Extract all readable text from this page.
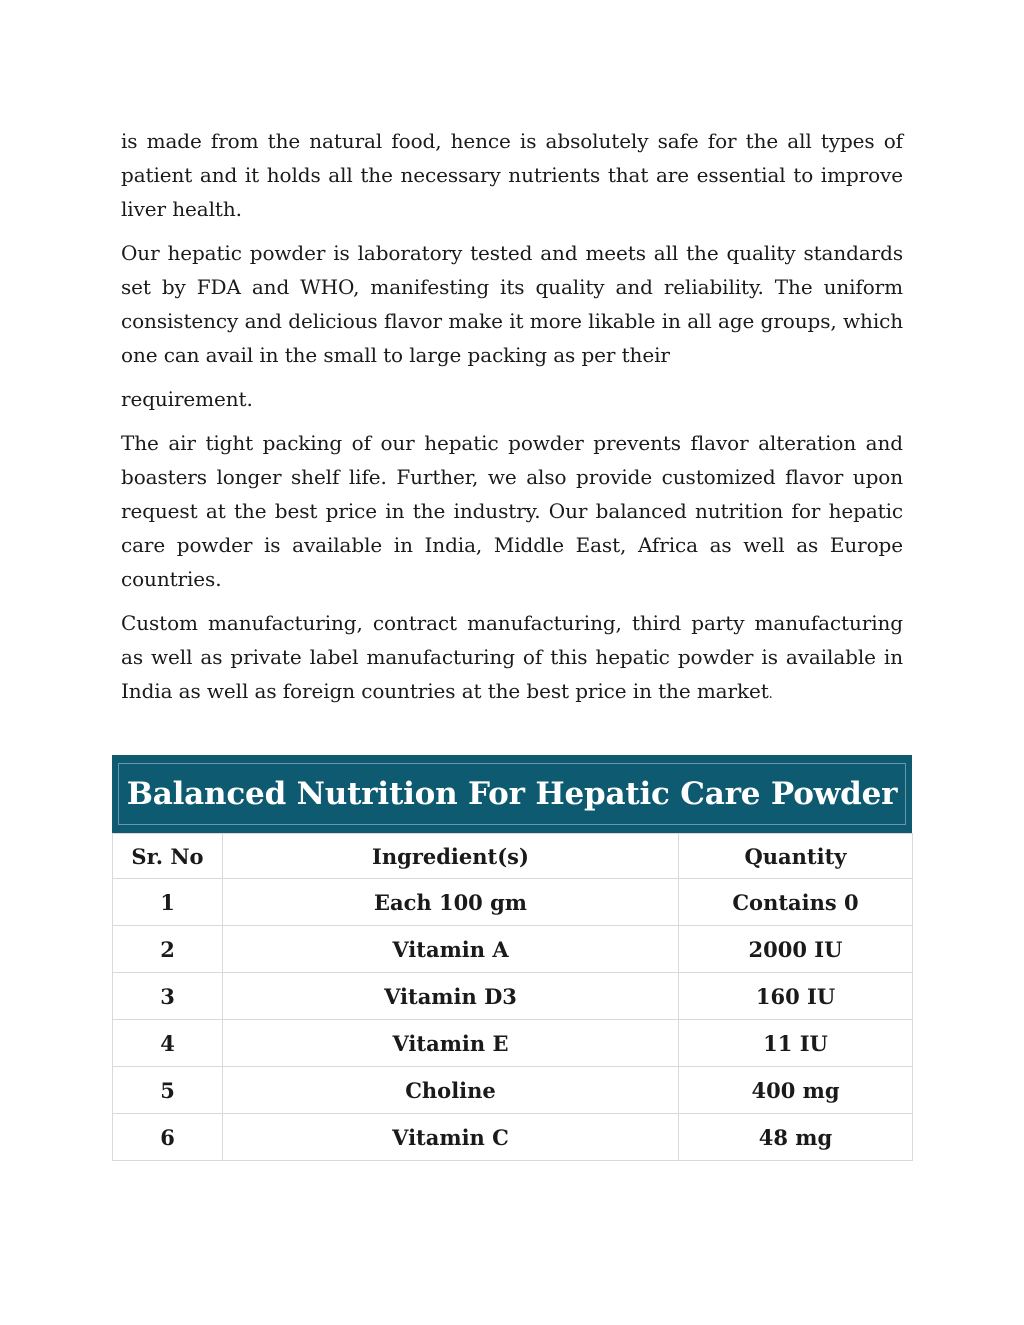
is made from the natural food, hence is absolutely safe for the all types of patient and it holds all the necessary nutrients that are essential to improve liver health.

Our hepatic powder is laboratory tested and meets all the quality standards set by FDA and WHO, manifesting its quality and reliability. The uniform consistency and delicious flavor make it more likable in all age groups, which one can avail in the small to large packing as per their
requirement.

The air tight packing of our hepatic powder prevents flavor alteration and boasters longer shelf life. Further, we also provide customized flavor upon request at the best price in the industry. Our balanced nutrition for hepatic care powder is available in India, Middle East, Africa as well as Europe countries.

Custom manufacturing, contract manufacturing, third party manufacturing as well as private label manufacturing of this hepatic powder is available in India as well as foreign countries at the best price in the market.

Balanced Nutrition For Hepatic Care Powder
Sr. No	Ingredient(s)	Quantity
1	Each 100 gm	Contains 0
2	Vitamin A	2000 IU
3	Vitamin D3	160 IU
4	Vitamin E	11 IU
5	Choline	400 mg
6	Vitamin C	48 mg
